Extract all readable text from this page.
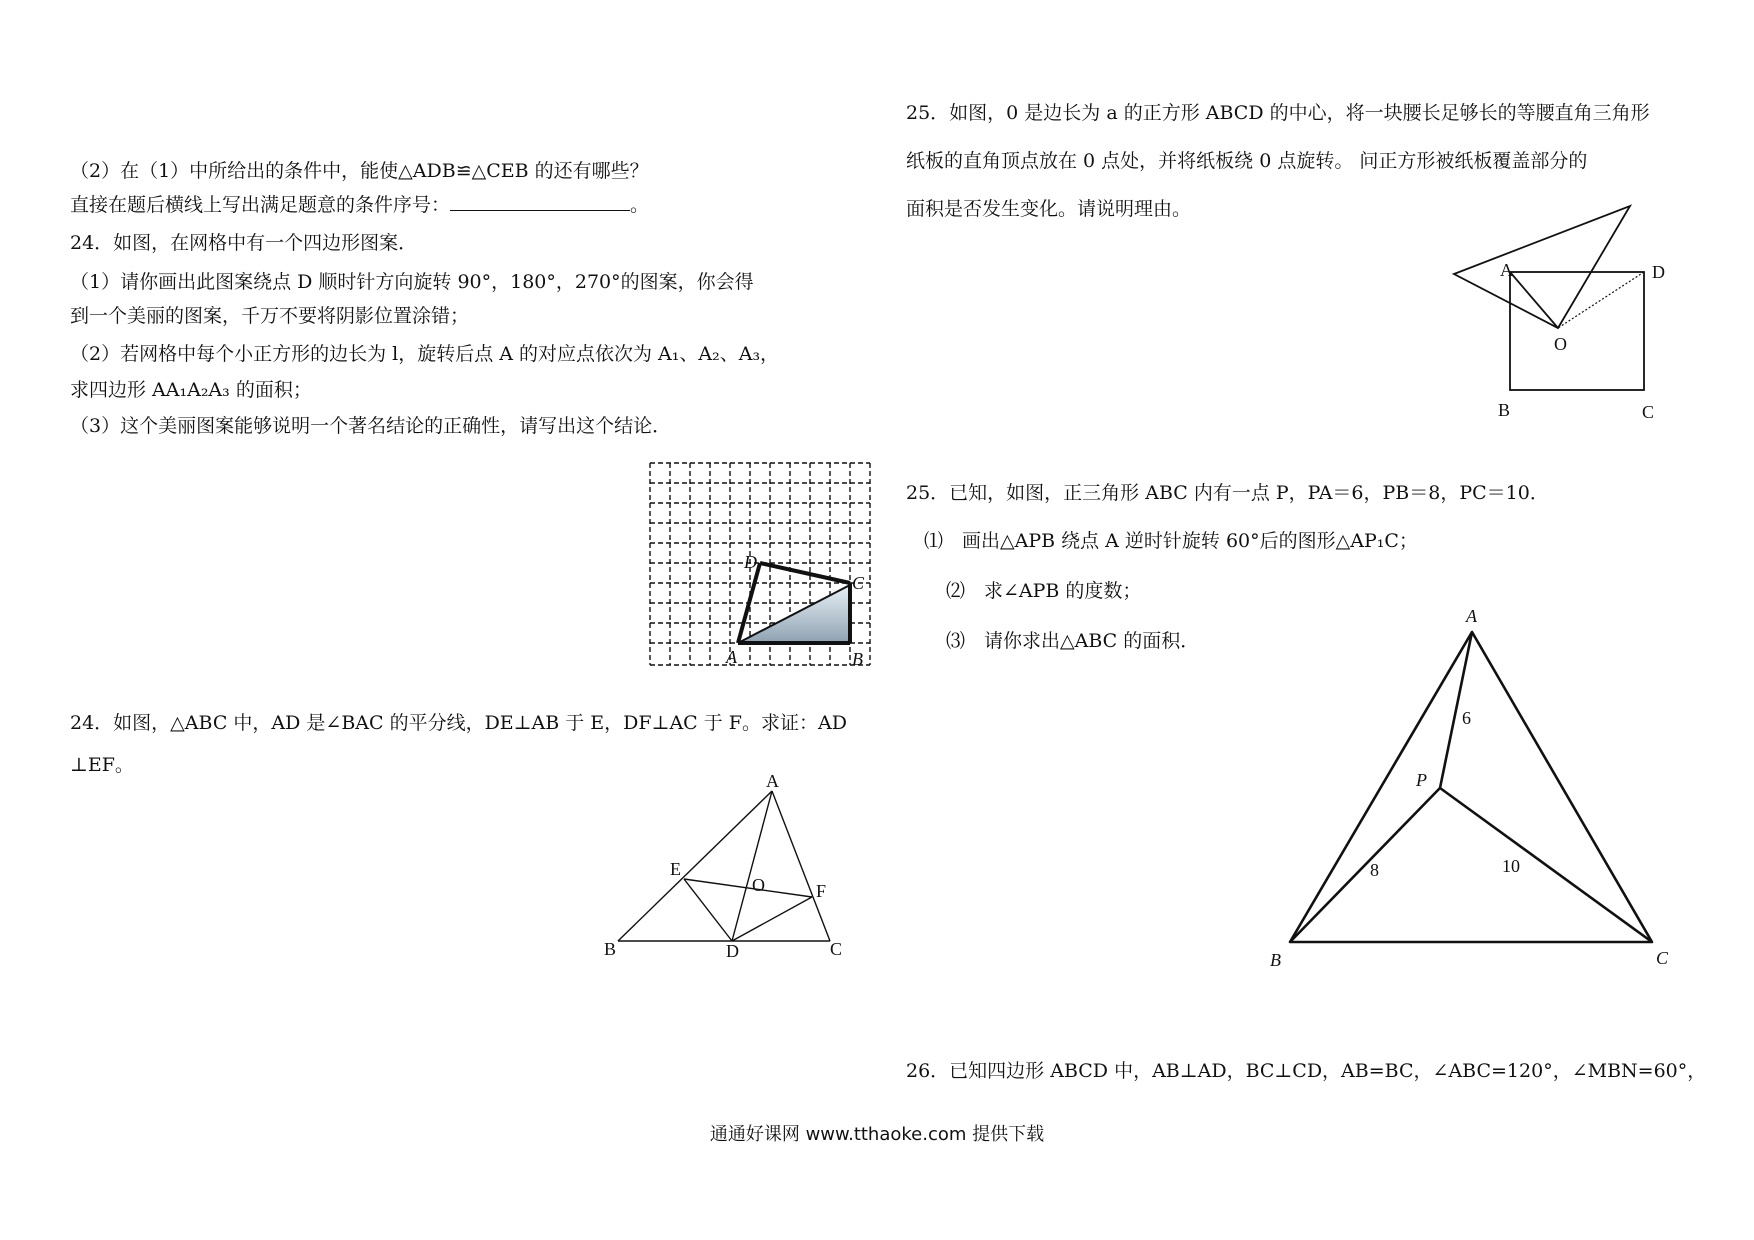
（2）在（1）中所给出的条件中，能使△ADB≌△CEB 的还有哪些？
直接在题后横线上写出满足题意的条件序号：	。
24．如图，在网格中有一个四边形图案．
（1）请你画出此图案绕点 D 顺时针方向旋转 90°，180°，270°的图案，你会得
到一个美丽的图案，千万不要将阴影位置涂错；
（2）若网格中每个小正方形的边长为 l，旋转后点 A 的对应点依次为 A₁、A₂、A₃，
求四边形 AA₁A₂A₃ 的面积；
（3）这个美丽图案能够说明一个著名结论的正确性，请写出这个结论．
D
C
A	B
24．如图，△ABC 中，AD 是∠BAC 的平分线，DE⊥AB 于 E，DF⊥AC 于 F。求证：AD
⊥EF。
A
B	C
D
E
F
O
25．如图，0 是边长为 a 的正方形 ABCD 的中心，将一块腰长足够长的等腰直角三角形
纸板的直角顶点放在 0 点处，并将纸板绕 0 点旋转。 问正方形被纸板覆盖部分的
面积是否发生变化。请说明理由。
A	D
O
B	C
25．已知，如图，正三角形 ABC 内有一点 P，PA＝6，PB＝8，PC＝10．
⑴　画出△APB 绕点 A 逆时针旋转 60°后的图形△AP₁C；
⑵　求∠APB 的度数；
⑶　请你求出△ABC 的面积．
A
B	C
P
6
8	10
26．已知四边形 ABCD 中，AB⊥AD，BC⊥CD，AB=BC，∠ABC=120°，∠MBN=60°，
通通好课网 www.tthaoke.com 提供下载
